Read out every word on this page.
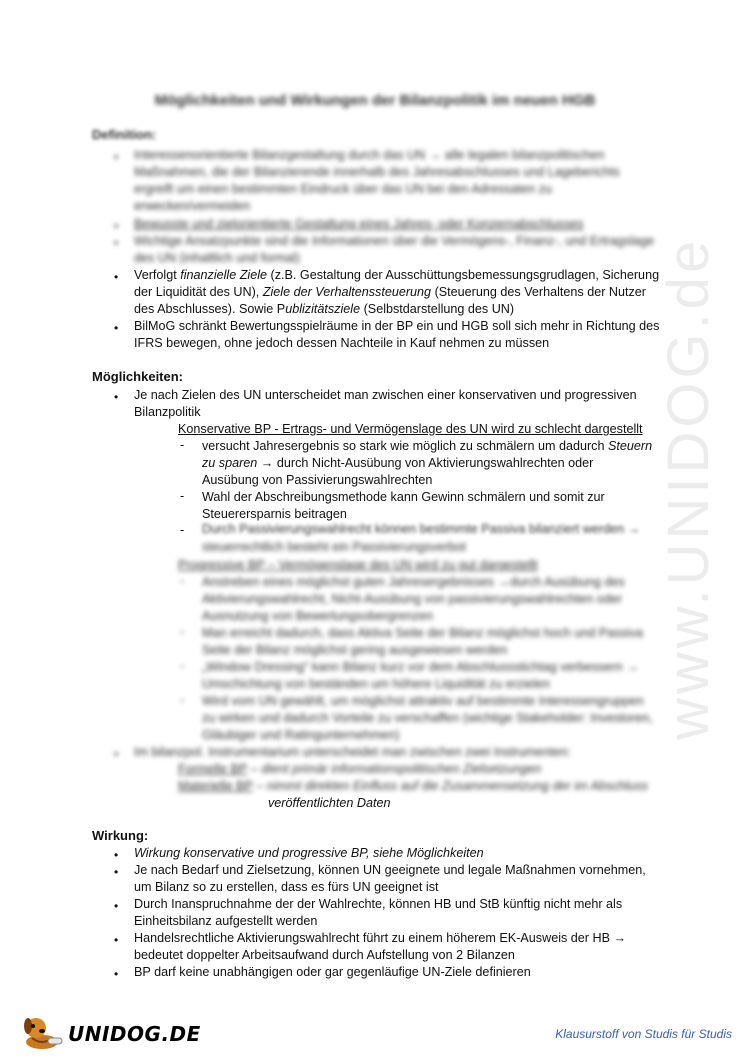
www.UNIDOG.de
Möglichkeiten und Wirkungen der Bilanzpolitik im neuen HGB
Definition:
• Interessenorientierte Bilanzgestaltung durch das UN → alle legalen bilanzpolitischen
Maßnahmen, die der Bilanzierende innerhalb des Jahresabschlusses und Lageberichts
ergreift um einen bestimmten Eindruck über das UN bei den Adressaten zu
erwecken/vermeiden
• Bewusste und zielorientierte Gestaltung eines Jahres- oder Konzernabschlusses
• Wichtige Ansatzpunkte sind die Informationen über die Vermögens-, Finanz-, und Ertragslage
des UN (inhaltlich und formal)
• Verfolgt finanzielle Ziele (z.B. Gestaltung der Ausschüttungsbemessungsgrudlagen, Sicherung
der Liquidität des UN), Ziele der Verhaltenssteuerung (Steuerung des Verhaltens der Nutzer
des Abschlusses). Sowie Publizitätsziele (Selbstdarstellung des UN)
• BilMoG schränkt Bewertungsspielräume in der BP ein und HGB soll sich mehr in Richtung des
IFRS bewegen, ohne jedoch dessen Nachteile in Kauf nehmen zu müssen
Möglichkeiten:
• Je nach Zielen des UN unterscheidet man zwischen einer konservativen und progressiven
Bilanzpolitik
Konservative BP - Ertrags- und Vermögenslage des UN wird zu schlecht dargestellt
- versucht Jahresergebnis so stark wie möglich zu schmälern um dadurch Steuern
zu sparen → durch Nicht-Ausübung von Aktivierungswahlrechten oder
Ausübung von Passivierungswahlrechten
- Wahl der Abschreibungsmethode kann Gewinn schmälern und somit zur
Steuerersparnis beitragen
- Durch Passivierungswahlrecht können bestimmte Passiva bilanziert werden →
steuerrechtlich besteht ein Passivierungsverbot
Progressive BP – Vermögenslage des UN wird zu gut dargestellt
- Anstreben eines möglichst guten Jahresergebnisses →durch Ausübung des
Aktivierungswahlrecht, Nicht-Ausübung von passivierungswahlrechten oder
Ausnutzung von Bewertungsobergrenzen
- Man erreicht dadurch, dass Aktiva Seite der Bilanz möglichst hoch und Passiva
Seite der Bilanz möglichst gering ausgewiesen werden
- „Window Dressing“ kann Bilanz kurz vor dem Abschlussstichtag verbessern →
Umschichtung von beständen um höhere Liquidität zu erzielen
- Wird vom UN gewählt, um möglichst attraktiv auf bestimmte Interessengruppen
zu wirken und dadurch Vorteile zu verschaffen (wichtige Stakeholder: Investoren,
Gläubiger und Ratingunternehmen)
• Im bilanzpol. Instrumentarium unterscheidet man zwischen zwei Instrumenten:
Formelle BP – dient primär informationspolitischen Zielsetzungen
Materielle BP – nimmt direkten Einfluss auf die Zusammensetzung der im Abschluss
veröffentlichten Daten
Wirkung:
• Wirkung konservative und progressive BP, siehe Möglichkeiten
• Je nach Bedarf und Zielsetzung, können UN geeignete und legale Maßnahmen vornehmen,
um Bilanz so zu erstellen, dass es fürs UN geeignet ist
• Durch Inanspruchnahme der der Wahlrechte, können HB und StB künftig nicht mehr als
Einheitsbilanz aufgestellt werden
• Handelsrechtliche Aktivierungswahlrecht führt zu einem höherem EK-Ausweis der HB →
bedeutet doppelter Arbeitsaufwand durch Aufstellung von 2 Bilanzen
• BP darf keine unabhängigen oder gar gegenläufige UN-Ziele definieren
UNIDOG.DE	Klausurstoff von Studis für Studis
